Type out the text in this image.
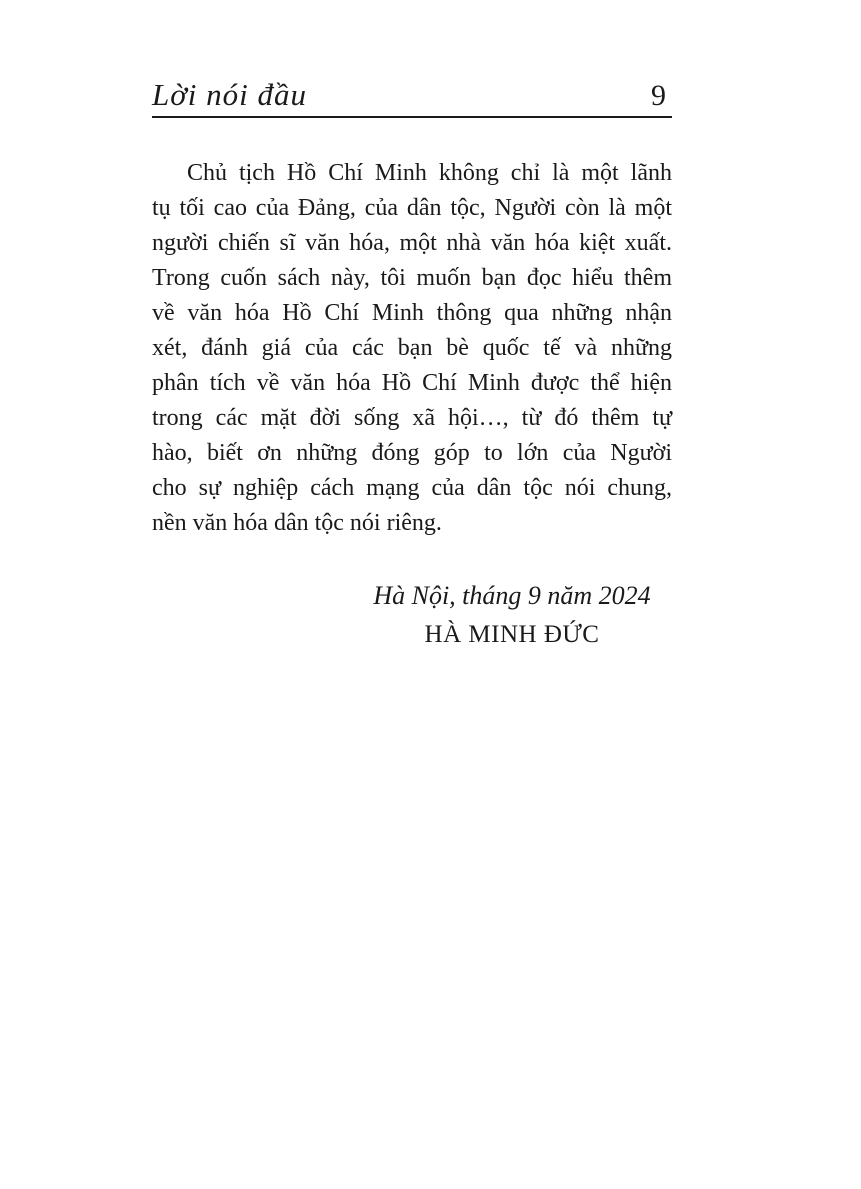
Lời nói đầu	9
Chủ tịch Hồ Chí Minh không chỉ là một lãnh
tụ tối cao của Đảng, của dân tộc, Người còn là một
người chiến sĩ văn hóa, một nhà văn hóa kiệt xuất.
Trong cuốn sách này, tôi muốn bạn đọc hiểu thêm
về văn hóa Hồ Chí Minh thông qua những nhận
xét, đánh giá của các bạn bè quốc tế và những
phân tích về văn hóa Hồ Chí Minh được thể hiện
trong các mặt đời sống xã hội…, từ đó thêm tự
hào, biết ơn những đóng góp to lớn của Người
cho sự nghiệp cách mạng của dân tộc nói chung,
nền văn hóa dân tộc nói riêng.
Hà Nội, tháng 9 năm 2024
HÀ MINH ĐỨC
